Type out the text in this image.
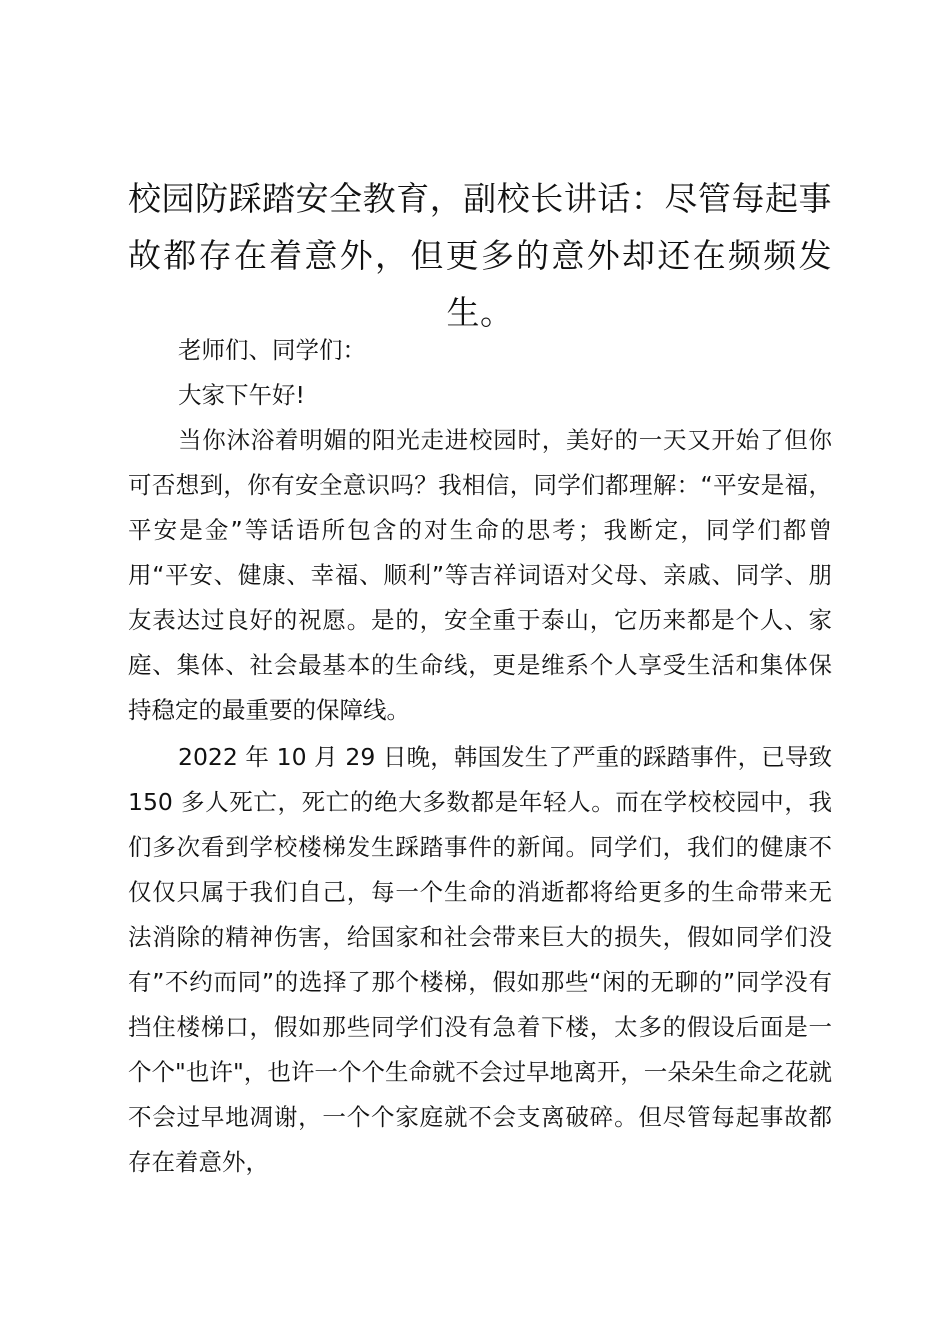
校园防踩踏安全教育，副校长讲话：尽管每起事故都存在着意外，但更多的意外却还在频频发生。

老师们、同学们：

大家下午好!

当你沐浴着明媚的阳光走进校园时，美好的一天又开始了但你可否想到，你有安全意识吗？我相信，同学们都理解：“平安是福，平安是金”等话语所包含的对生命的思考；我断定，同学们都曾用“平安、健康、幸福、顺利”等吉祥词语对父母、亲戚、同学、朋友表达过良好的祝愿。是的，安全重于泰山，它历来都是个人、家庭、集体、社会最基本的生命线，更是维系个人享受生活和集体保持稳定的最重要的保障线。

2022 年 10 月 29 日晚，韩国发生了严重的踩踏事件，已导致 150 多人死亡，死亡的绝大多数都是年轻人。而在学校校园中，我们多次看到学校楼梯发生踩踏事件的新闻。同学们，我们的健康不仅仅只属于我们自己，每一个生命的消逝都将给更多的生命带来无法消除的精神伤害，给国家和社会带来巨大的损失，假如同学们没有”不约而同”的选择了那个楼梯，假如那些“闲的无聊的”同学没有挡住楼梯口，假如那些同学们没有急着下楼，太多的假设后面是一个个"也许"，也许一个个生命就不会过早地离开，一朵朵生命之花就不会过早地凋谢，一个个家庭就不会支离破碎。但尽管每起事故都存在着意外，
